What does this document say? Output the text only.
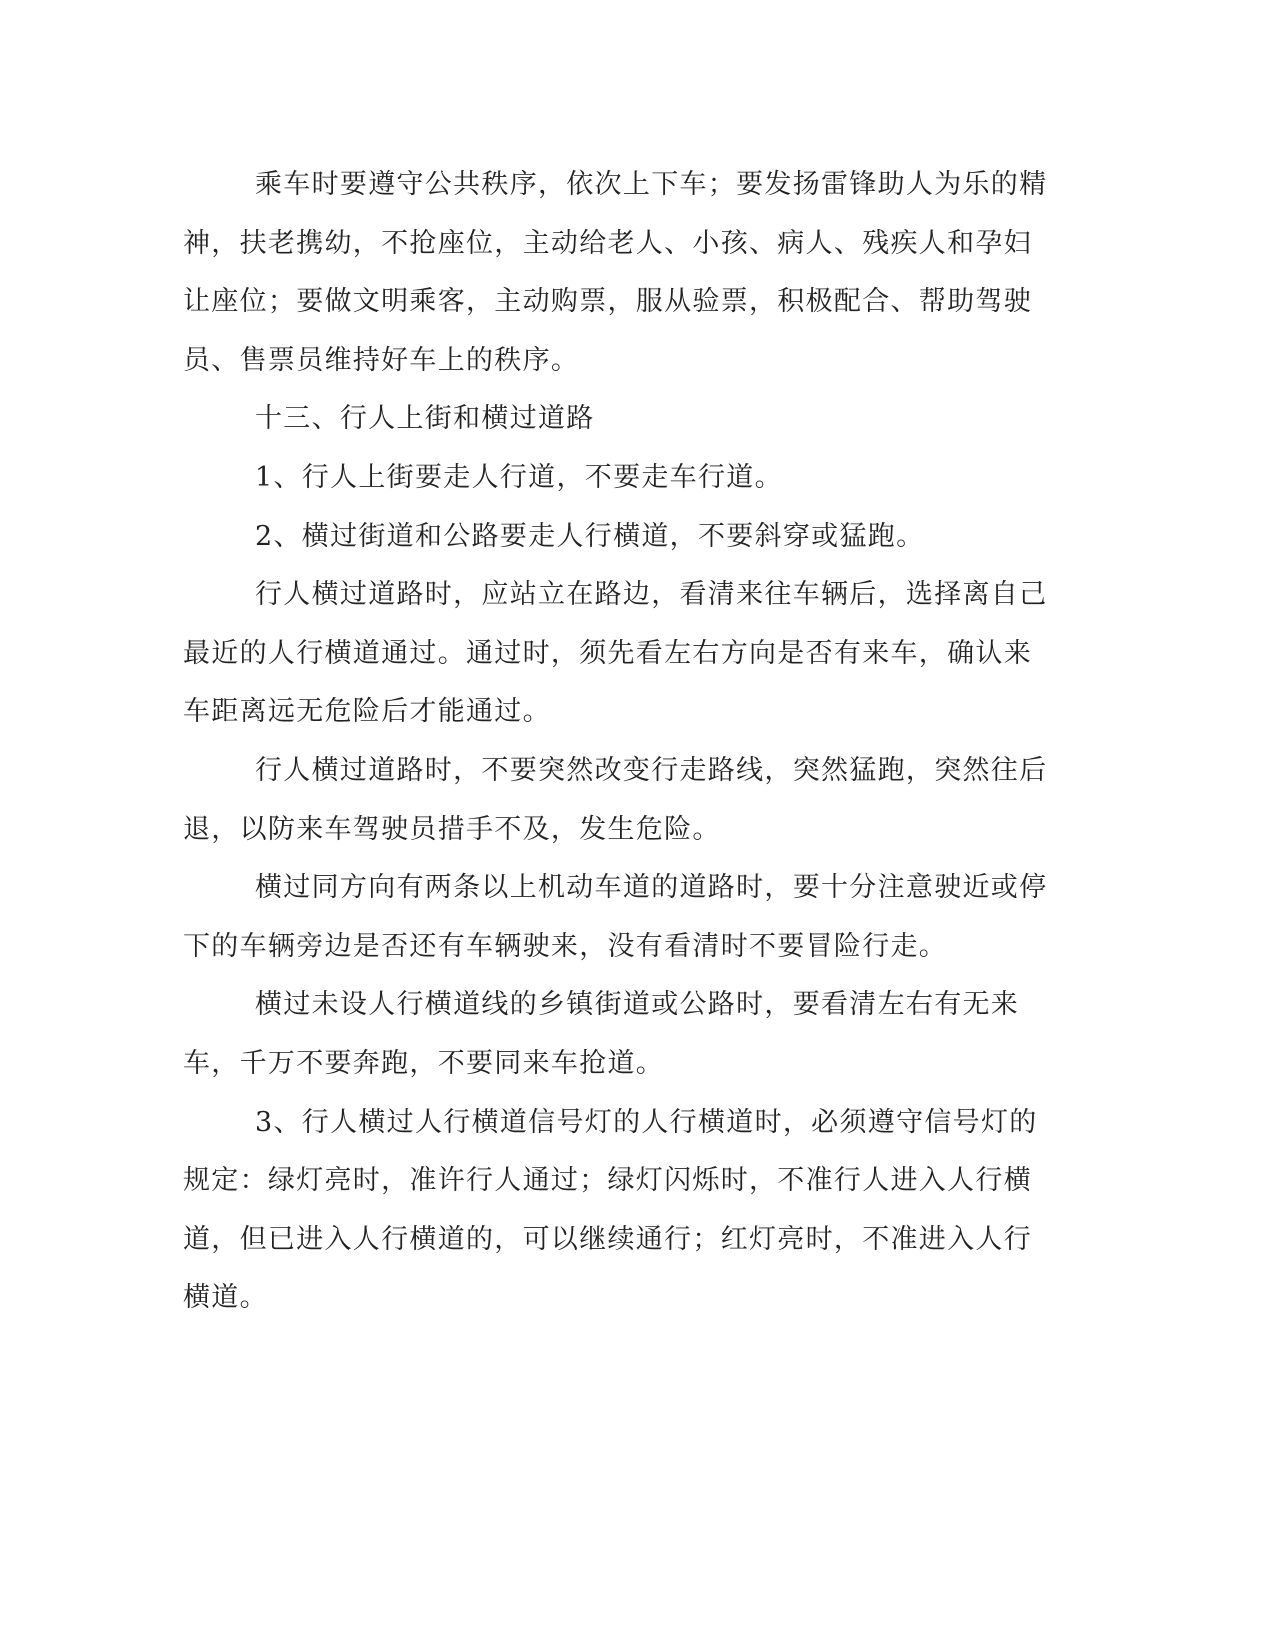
乘车时要遵守公共秩序，依次上下车；要发扬雷锋助人为乐的精神，扶老携幼，不抢座位，主动给老人、小孩、病人、残疾人和孕妇让座位；要做文明乘客，主动购票，服从验票，积极配合、帮助驾驶员、售票员维持好车上的秩序。

十三、行人上街和横过道路

1、行人上街要走人行道，不要走车行道。

2、横过街道和公路要走人行横道，不要斜穿或猛跑。

行人横过道路时，应站立在路边，看清来往车辆后，选择离自己最近的人行横道通过。通过时，须先看左右方向是否有来车，确认来车距离远无危险后才能通过。

行人横过道路时，不要突然改变行走路线，突然猛跑，突然往后退，以防来车驾驶员措手不及，发生危险。

横过同方向有两条以上机动车道的道路时，要十分注意驶近或停下的车辆旁边是否还有车辆驶来，没有看清时不要冒险行走。

横过未设人行横道线的乡镇街道或公路时，要看清左右有无来车，千万不要奔跑，不要同来车抢道。

3、行人横过人行横道信号灯的人行横道时，必须遵守信号灯的规定：绿灯亮时，准许行人通过；绿灯闪烁时，不准行人进入人行横道，但已进入人行横道的，可以继续通行；红灯亮时，不准进入人行横道。
